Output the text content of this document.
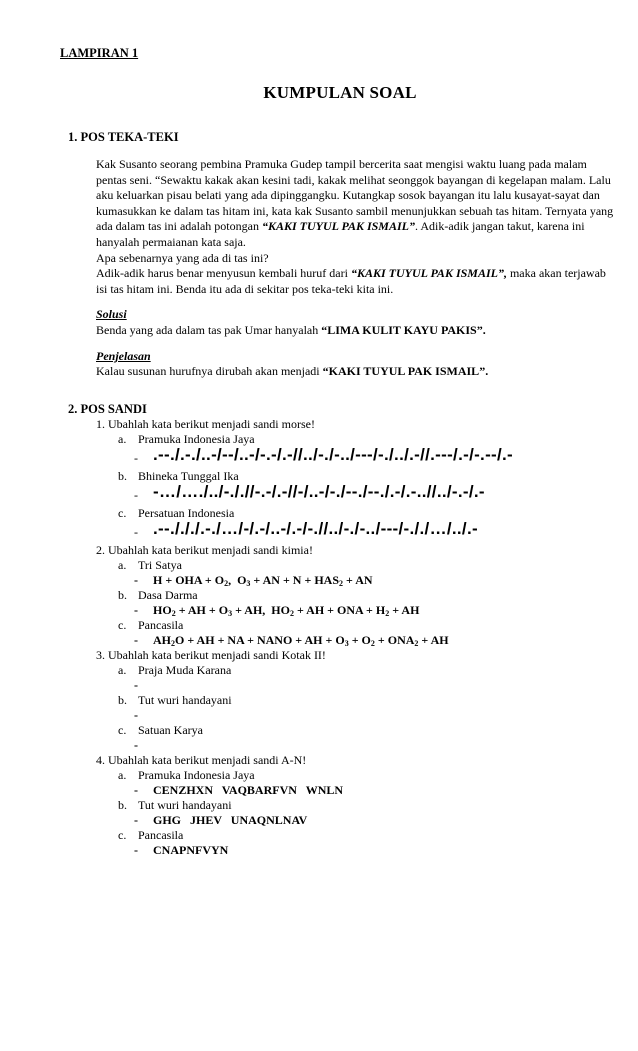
LAMPIRAN 1
KUMPULAN SOAL
1. POS TEKA-TEKI

Kak Susanto seorang pembina Pramuka Gudep tampil bercerita saat mengisi waktu luang pada malam pentas seni. “Sewaktu kakak akan kesini tadi, kakak melihat seonggok bayangan di kegelapan malam. Lalu aku keluarkan pisau belati yang ada dipinggangku. Kutangkap sosok bayangan itu lalu kusayat-sayat dan kumasukkan ke dalam tas hitam ini, kata kak Susanto sambil menunjukkan sebuah tas hitam. Ternyata yang ada dalam tas ini adalah potongan “KAKI TUYUL PAK ISMAIL”. Adik-adik jangan takut, karena ini hanyalah permaianan kata saja.

Apa sebenarnya yang ada di tas ini?

Adik-adik harus benar menyusun kembali huruf dari “KAKI TUYUL PAK ISMAIL”, maka akan terjawab isi tas hitam ini. Benda itu ada di sekitar pos teka-teki kita ini.

Solusi

Benda yang ada dalam tas pak Umar hanyalah “LIMA KULIT KAYU PAKIS”.

Penjelasan

Kalau susunan hurufnya dirubah akan menjadi “KAKI TUYUL PAK ISMAIL”.

2. POS SANDI
1. Ubahlah kata berikut menjadi sandi morse!
a. Pramuka Indonesia Jaya
- .--./.-./..-/--/..-/-.-/.-//../-./-../---/-./../.-//.---/.-/-.--/.-
b. Bhineka Tunggal Ika
- -…/…./../-././/-.-/.-//-/..-/-./--./--./.-/.-..//../-.-/.-
c. Persatuan Indonesia
- .--./././.-./…/-/.-/..-/.-/-.//../-./-../---/-././…/../.-
2. Ubahlah kata berikut menjadi sandi kimia!
a. Tri Satya
- H + OHA + $O_2$, $O_3$ + AN + $N + HAS_2$ + AN
b. Dasa Darma
- $HO_2$ + AH + $O_3$ + AH, $HO_2$ + AH + ONA + $H_2$ + AH
c. Pancasila
- $AH_2O$ + AH + NA + NANO + AH + $O_3 + O_2 + ONA_2$ + AH
3. Ubahlah kata berikut menjadi sandi Kotak II!
a. Praja Muda Karana
-
b. Tut wuri handayani
-
c. Satuan Karya
-
4. Ubahlah kata berikut menjadi sandi A-N!
a. Pramuka Indonesia Jaya
- CENZHXN   VAQBARFVN   WNLN
b. Tut wuri handayani
- GHG   JHEV   UNAQNLNAV
c. Pancasila
- CNAPNFVYN
